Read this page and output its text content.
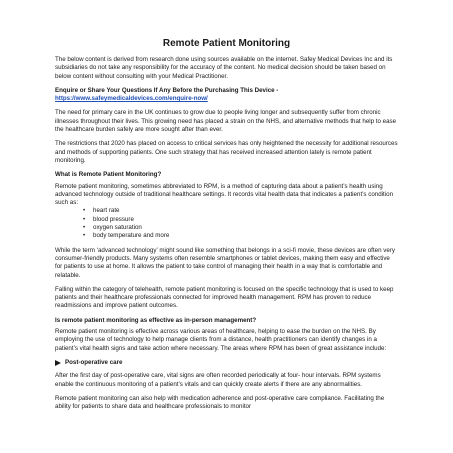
Remote Patient Monitoring

The below content is derived from research done using sources available on the internet. Safey Medical Devices Inc and its subsidiaries do not take any responsibility for the accuracy of the content. No medical decision should be taken based on below content without consulting with your Medical Practitioner.

Enquire or Share Your Questions If Any Before the Purchasing This Device -
https://www.safeymedicaldevices.com/enquire-now/

The need for primary care in the UK continues to grow due to people living longer and subsequently suffer from chronic illnesses throughout their lives. This growing need has placed a strain on the NHS, and alternative methods that help to ease the healthcare burden safely are more sought after than ever.

The restrictions that 2020 has placed on access to critical services has only heightened the necessity for additional resources and methods of supporting patients. One such strategy that has received increased attention lately is remote patient monitoring.

What is Remote Patient Monitoring?

Remote patient monitoring, sometimes abbreviated to RPM, is a method of capturing data about a patient’s health using advanced technology outside of traditional healthcare settings. It records vital health data that indicates a patient’s condition such as:

• heart rate
• blood pressure
• oxygen saturation
• body temperature and more

While the term ‘advanced technology’ might sound like something that belongs in a sci-fi movie, these devices are often very consumer-friendly products. Many systems often resemble smartphones or tablet devices, making them easy and effective for patients to use at home. It allows the patient to take control of managing their health in a way that is comfortable and relatable.

Falling within the category of telehealth, remote patient monitoring is focused on the specific technology that is used to keep patients and their healthcare professionals connected for improved health management. RPM has proven to reduce readmissions and improve patient outcomes.

Is remote patient monitoring as effective as in-person management?

Remote patient monitoring is effective across various areas of healthcare, helping to ease the burden on the NHS. By employing the use of technology to help manage clients from a distance, health practitioners can identify changes in a patient’s vital health signs and take action where necessary. The areas where RPM has been of great assistance include:

Post-operative care

After the first day of post-operative care, vital signs are often recorded periodically at four- hour intervals. RPM systems enable the continuous monitoring of a patient’s vitals and can quickly create alerts if there are any abnormalities.

Remote patient monitoring can also help with medication adherence and post-operative care compliance. Facilitating the ability for patients to share data and healthcare professionals to monitor
